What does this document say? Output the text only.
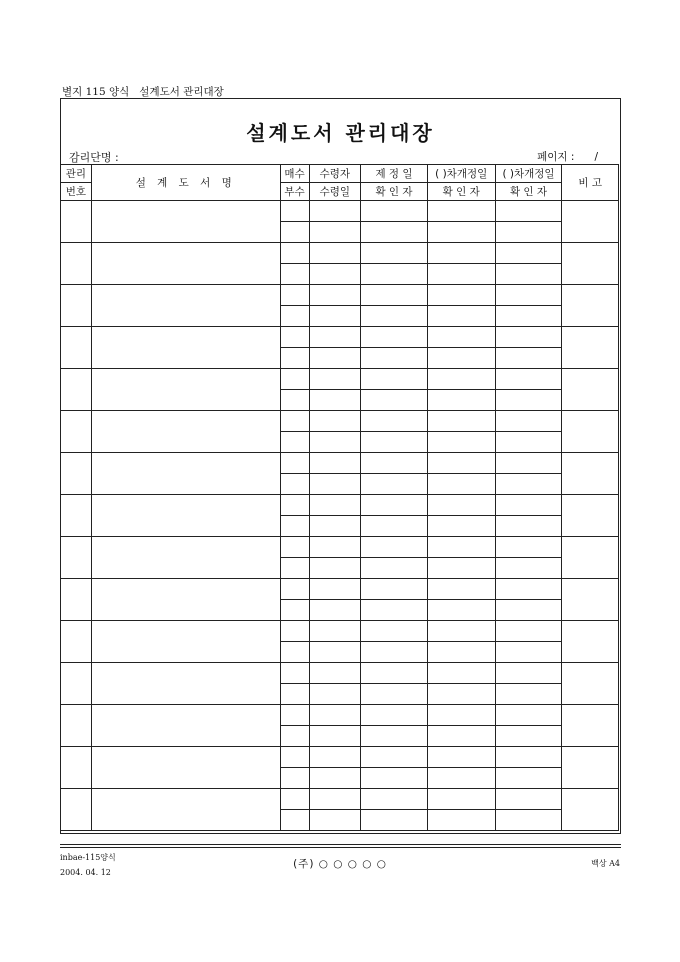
별지 115 양식   설계도서 관리대장
설계도서 관리대장
감리단명 :	페이지 :      /
관리	설 계 도 서 명	매수	수령자	제 정 일	( )차개정일	( )차개정일	비 고
번호		부수	수령일	확 인 자	확 인 자	확 인 자	

inbae-115양식
2004. 04. 12
(주) ○ ○ ○ ○ ○	백상 A4
